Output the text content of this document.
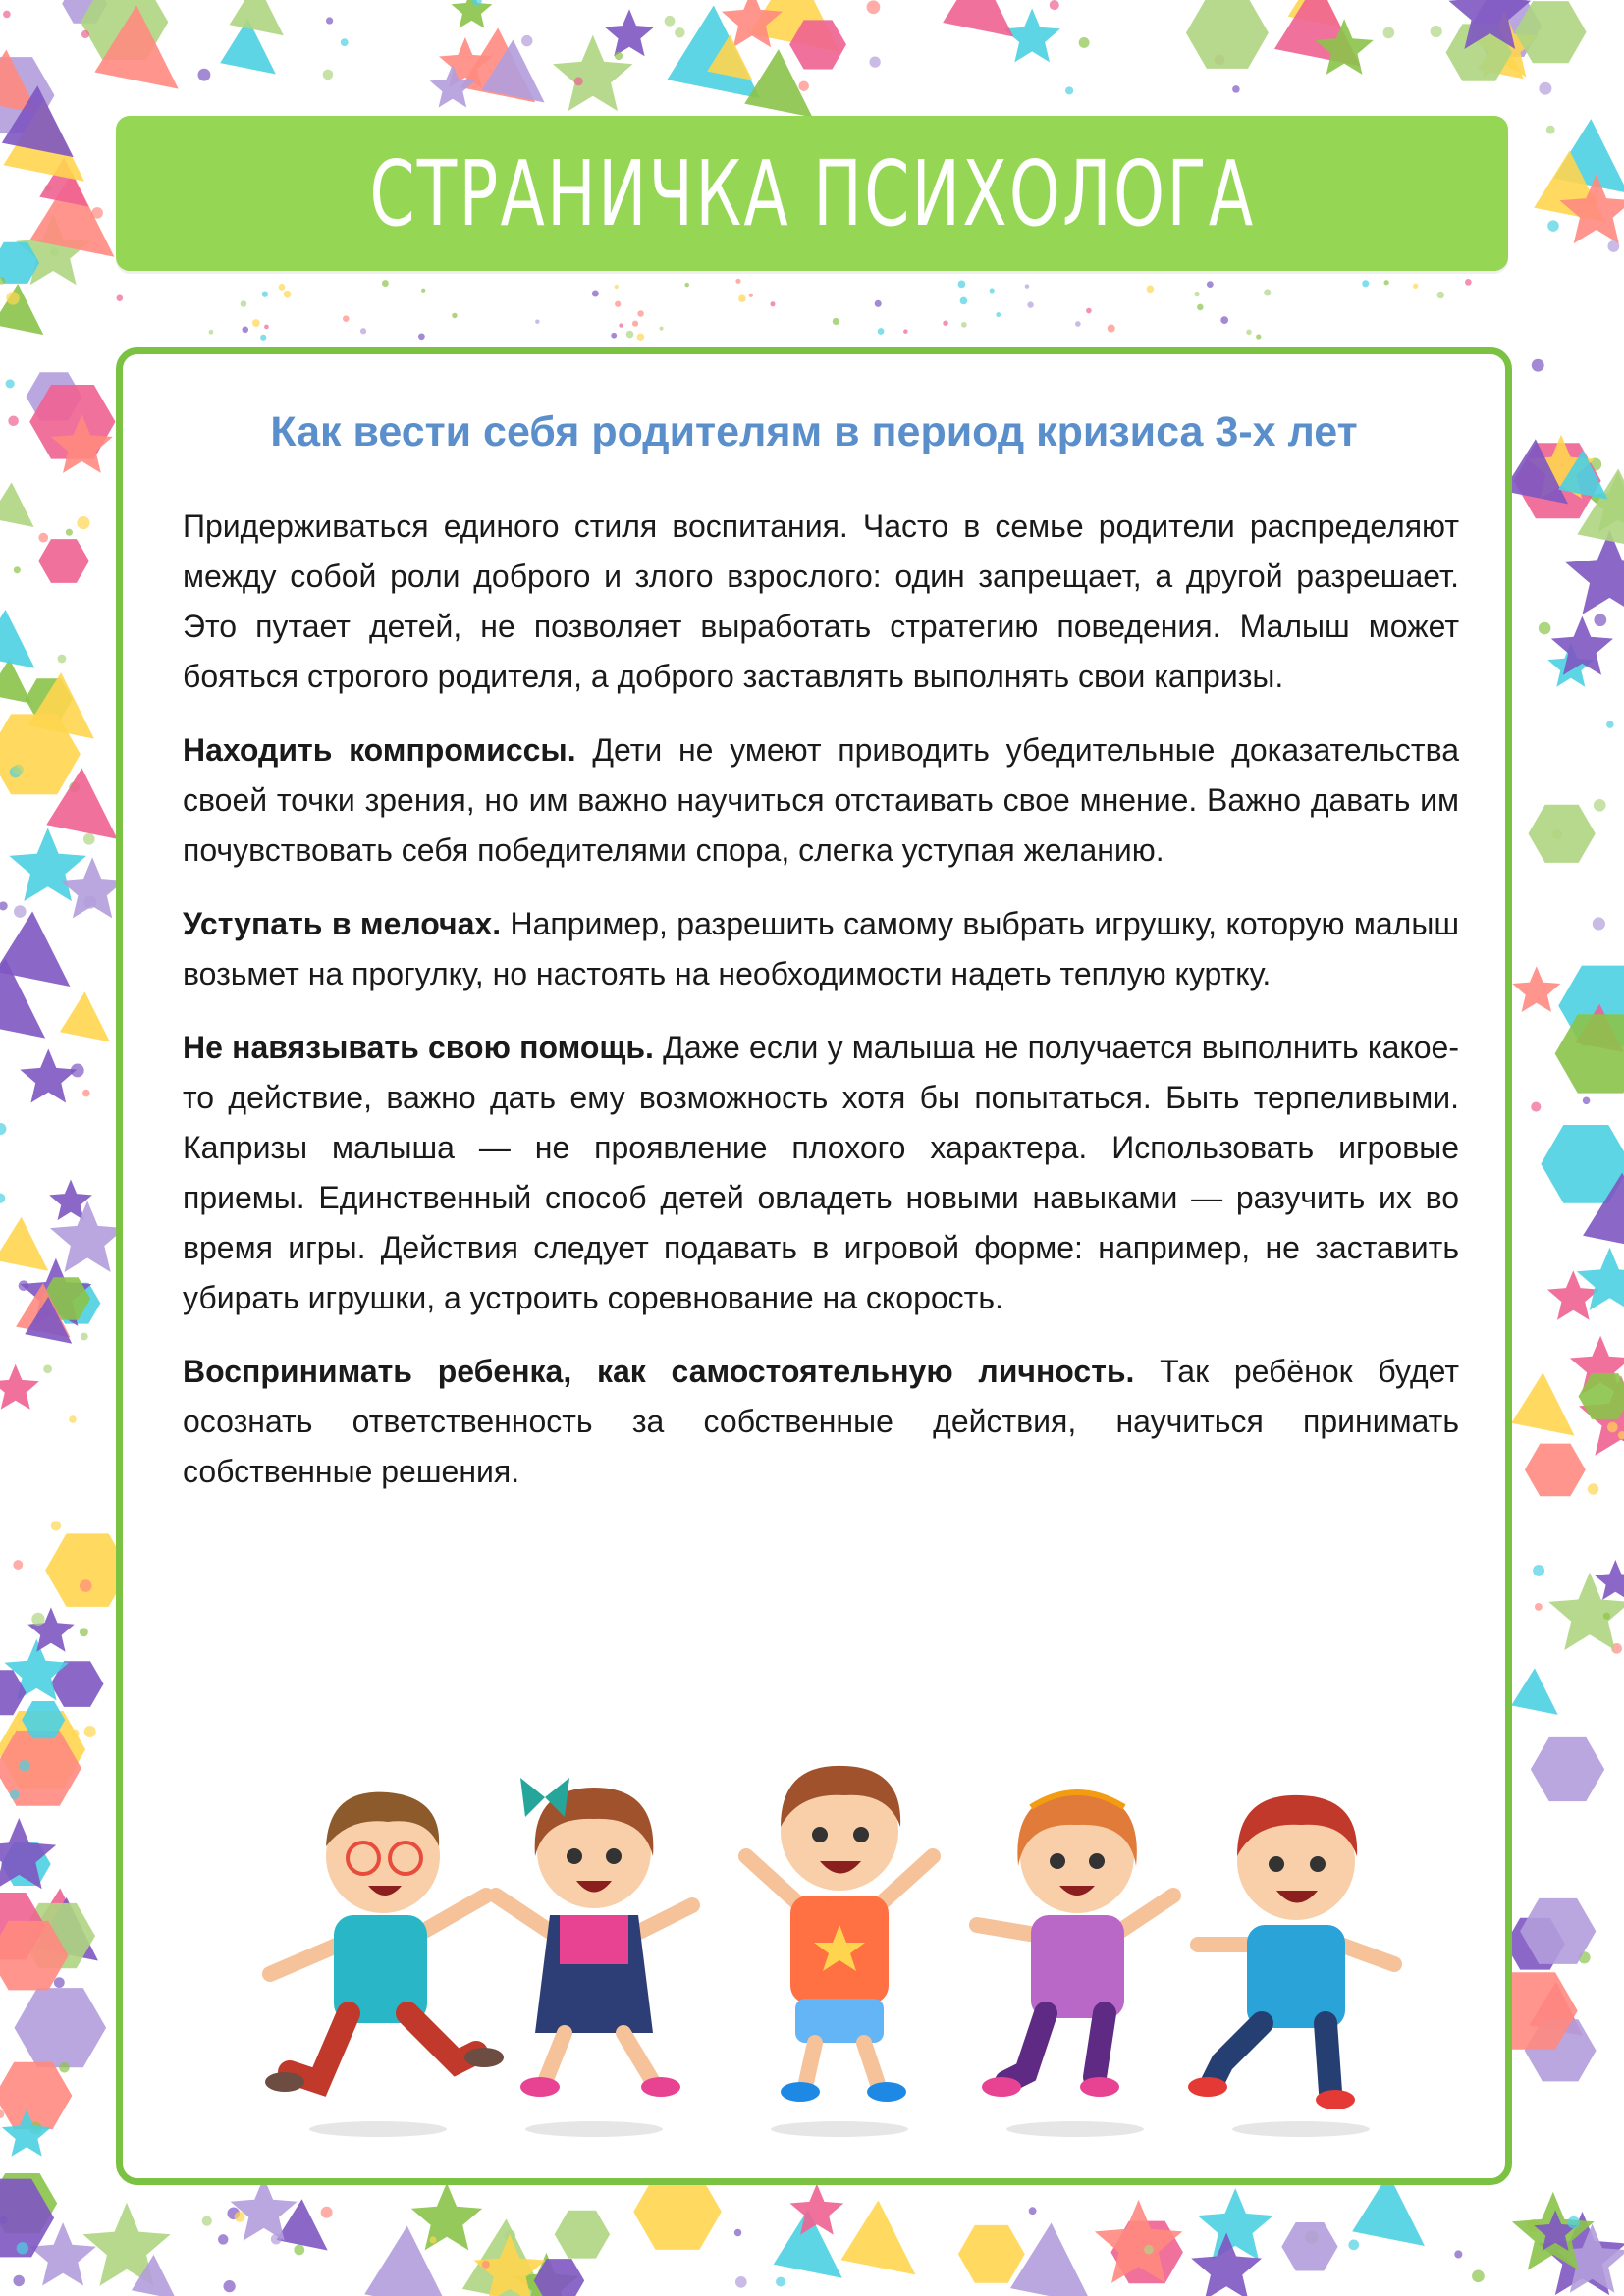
СТРАНИЧКА ПСИХОЛОГА
Как вести себя родителям в период кризиса 3-х лет

Придерживаться единого стиля воспитания. Часто в семье родители распределяют между собой роли доброго и злого взрослого: один запрещает, а другой разрешает. Это путает детей, не позволяет выработать стратегию поведения. Малыш может бояться строгого родителя, а доброго заставлять выполнять свои капризы.

Находить компромиссы. Дети не умеют приводить убедительные доказательства своей точки зрения, но им важно научиться отстаивать свое мнение. Важно давать им почувствовать себя победителями спора, слегка уступая желанию.

Уступать в мелочах. Например, разрешить самому выбрать игрушку, которую малыш возьмет на прогулку, но настоять на необходимости надеть теплую куртку.

Не навязывать свою помощь. Даже если у малыша не получается выполнить какое-то действие, важно дать ему возможность хотя бы попытаться. Быть терпеливыми. Капризы малыша — не проявление плохого характера. Использовать игровые приемы. Единственный способ детей овладеть новыми навыками — разучить их во время игры. Действия следует подавать в игровой форме: например, не заставить убирать игрушки, а устроить соревнование на скорость.

Воспринимать ребенка, как самостоятельную личность. Так ребёнок будет осознать ответственность за собственные действия, научиться принимать собственные решения.
